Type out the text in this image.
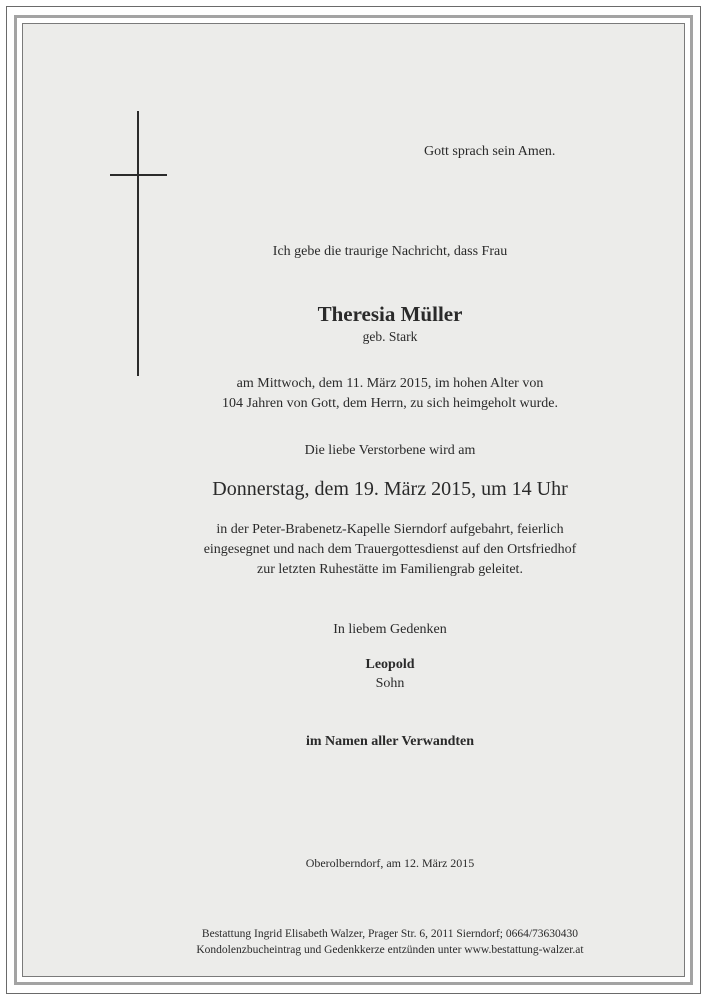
Gott sprach sein Amen.
Ich gebe die traurige Nachricht, dass Frau
Theresia Müller
geb. Stark
am Mittwoch, dem 11. März 2015, im hohen Alter von
104 Jahren von Gott, dem Herrn, zu sich heimgeholt wurde.
Die liebe Verstorbene wird am
Donnerstag, dem 19. März 2015, um 14 Uhr
in der Peter-Brabenetz-Kapelle Sierndorf aufgebahrt, feierlich
eingesegnet und nach dem Trauergottesdienst auf den Ortsfriedhof
zur letzten Ruhestätte im Familiengrab geleitet.
In liebem Gedenken
Leopold
Sohn
im Namen aller Verwandten
Oberolberndorf, am 12. März 2015
Bestattung Ingrid Elisabeth Walzer, Prager Str. 6, 2011 Sierndorf; 0664/73630430
Kondolenzbucheintrag und Gedenkkerze entzünden unter www.bestattung-walzer.at
